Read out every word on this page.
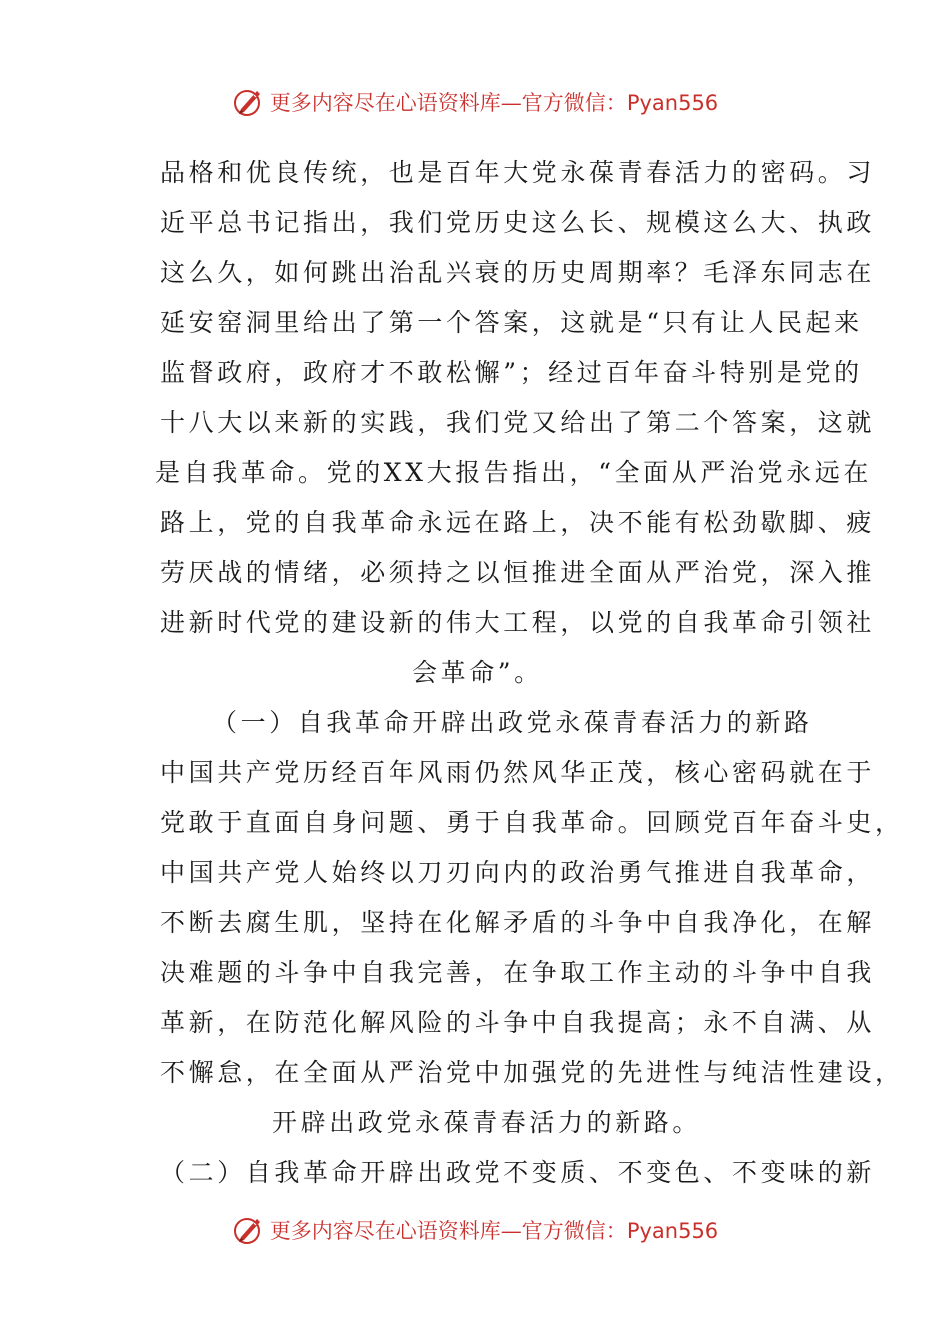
更多内容尽在心语资料库—官方微信：Pyan556
品格和优良传统，也是百年大党永葆青春活力的密码。习
近平总书记指出，我们党历史这么长、规模这么大、执政
这么久，如何跳出治乱兴衰的历史周期率？毛泽东同志在
延安窑洞里给出了第一个答案，这就是“只有让人民起来
监督政府，政府才不敢松懈”；经过百年奋斗特别是党的
十八大以来新的实践，我们党又给出了第二个答案，这就
是自我革命。党的XX大报告指出，“全面从严治党永远在
路上，党的自我革命永远在路上，决不能有松劲歇脚、疲
劳厌战的情绪，必须持之以恒推进全面从严治党，深入推
进新时代党的建设新的伟大工程，以党的自我革命引领社
会革命”。
（一）自我革命开辟出政党永葆青春活力的新路
中国共产党历经百年风雨仍然风华正茂，核心密码就在于
党敢于直面自身问题、勇于自我革命。回顾党百年奋斗史，
中国共产党人始终以刀刃向内的政治勇气推进自我革命，
不断去腐生肌，坚持在化解矛盾的斗争中自我净化，在解
决难题的斗争中自我完善，在争取工作主动的斗争中自我
革新，在防范化解风险的斗争中自我提高；永不自满、从
不懈怠，在全面从严治党中加强党的先进性与纯洁性建设，
开辟出政党永葆青春活力的新路。
（二）自我革命开辟出政党不变质、不变色、不变味的新
更多内容尽在心语资料库—官方微信：Pyan556
